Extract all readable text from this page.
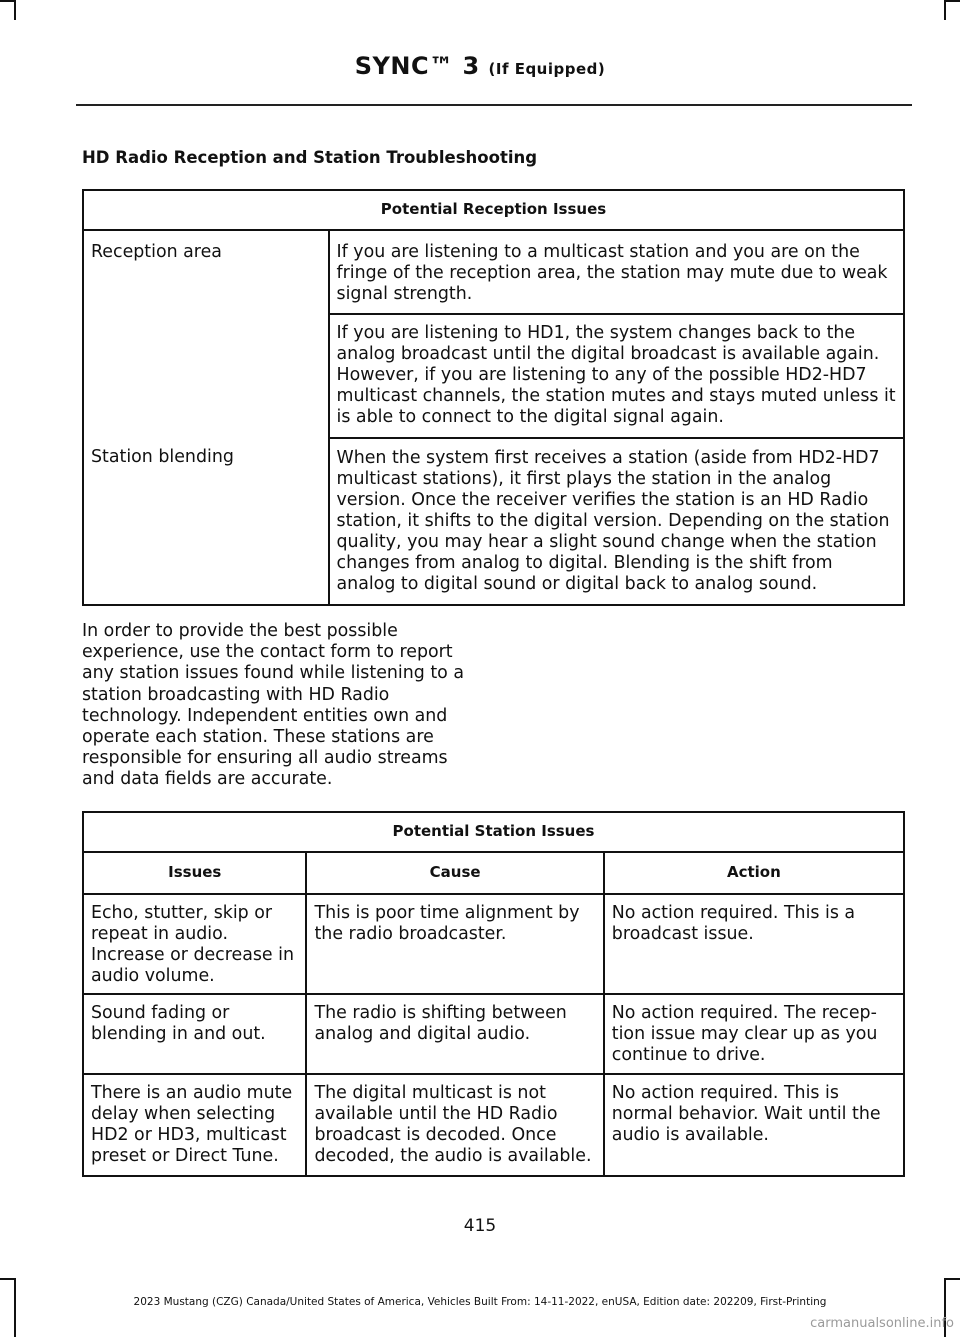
SYNC™ 3 (If Equipped)
HD Radio Reception and Station Troubleshooting
Potential Reception Issues	
Reception area	If you are listening to a multicast station and you are on the fringe of the reception area, the station may mute due to weak signal strength.
	If you are listening to HD1, the system changes back to the analog broadcast until the digital broadcast is available again. However, if you are listening to any of the possible HD2-HD7 multicast channels, the station mutes and stays muted unless it is able to connect to the digital signal again.
Station blending	When the system first receives a station (aside from HD2-HD7 multicast stations), it first plays the station in the analog version. Once the receiver verifies the station is an HD Radio station, it shifts to the digital version. Depending on the station quality, you may hear a slight sound change when the station changes from analog to digital. Blending is the shift from analog to digital sound or digital back to analog sound.

In order to provide the best possible experience, use the contact form to report any station issues found while listening to a station broadcasting with HD Radio technology. Independent entities own and operate each station. These stations are responsible for ensuring all audio streams and data fields are accurate.

Potential Station Issues		
Issues	Cause	Action
Echo, stutter, skip or repeat in audio. Increase or decrease in audio volume.	This is poor time alignment by the radio broadcaster.	No action required. This is a broadcast issue.
Sound fading or blending in and out.	The radio is shifting between analog and digital audio.	No action required. The recep-tion issue may clear up as you continue to drive.
There is an audio mute delay when selecting HD2 or HD3, multicast preset or Direct Tune.	The digital multicast is not available until the HD Radio broadcast is decoded. Once decoded, the audio is available.	No action required. This is normal behavior. Wait until the audio is available.
415
2023 Mustang (CZG) Canada/United States of America, Vehicles Built From: 14-11-2022, enUSA, Edition date: 202209, First-Printing
carmanualsonline.info
